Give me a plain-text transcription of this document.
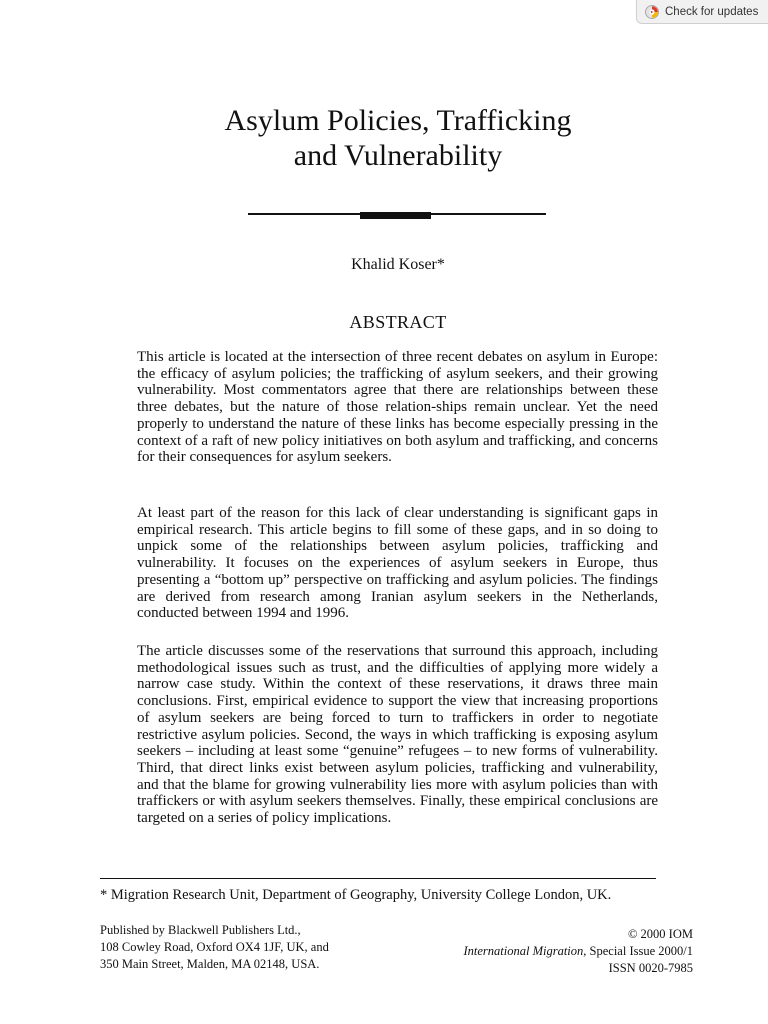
Check for updates
Asylum Policies, Trafficking
and Vulnerability
Khalid Koser*
ABSTRACT

This article is located at the intersection of three recent debates on asylum in Europe: the efficacy of asylum policies; the trafficking of asylum seekers, and their growing vulnerability. Most commentators agree that there are relationships between these three debates, but the nature of those relation-ships remain unclear. Yet the need properly to understand the nature of these links has become especially pressing in the context of a raft of new policy initiatives on both asylum and trafficking, and concerns for their consequences for asylum seekers.

At least part of the reason for this lack of clear understanding is significant gaps in empirical research. This article begins to fill some of these gaps, and in so doing to unpick some of the relationships between asylum policies, trafficking and vulnerability. It focuses on the experiences of asylum seekers in Europe, thus presenting a “bottom up” perspective on trafficking and asylum policies. The findings are derived from research among Iranian asylum seekers in the Netherlands, conducted between 1994 and 1996.

The article discusses some of the reservations that surround this approach, including methodological issues such as trust, and the difficulties of applying more widely a narrow case study. Within the context of these reservations, it draws three main conclusions. First, empirical evidence to support the view that increasing proportions of asylum seekers are being forced to turn to traffickers in order to negotiate restrictive asylum policies. Second, the ways in which trafficking is exposing asylum seekers – including at least some “genuine” refugees – to new forms of vulnerability. Third, that direct links exist between asylum policies, trafficking and vulnerability, and that the blame for growing vulnerability lies more with asylum policies than with traffickers or with asylum seekers themselves. Finally, these empirical conclusions are targeted on a series of policy implications.

* Migration Research Unit, Department of Geography, University College London, UK.
Published by Blackwell Publishers Ltd.,
108 Cowley Road, Oxford OX4 1JF, UK, and
350 Main Street, Malden, MA 02148, USA.
© 2000 IOM
International Migration, Special Issue 2000/1
ISSN 0020-7985
